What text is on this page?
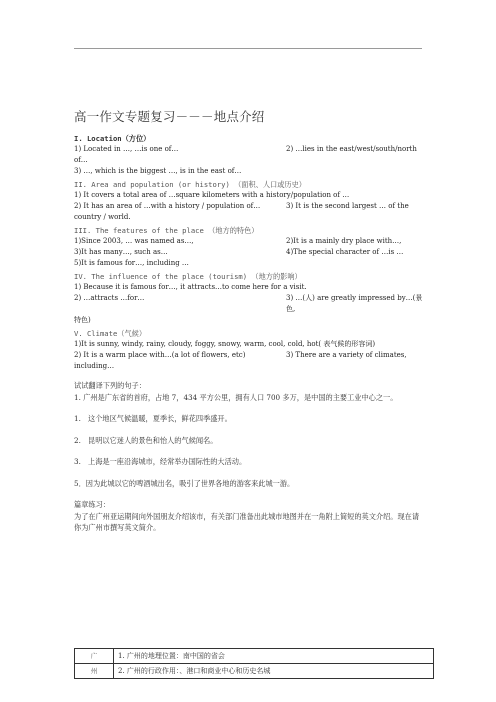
高一作文专题复习－－－地点介绍
I. Location（方位）
1) Located in …, …is one of…	2) …lies in the east/west/south/north
of…
3) …, which is the biggest …, is in the east of…
II. Area and population (or history) （面积、人口或历史）
1) It covers a total area of …square kilometers with a history/population of …
2) It has an area of …with a history / population of…	3) It is the second largest … of the
country / world.
III. The features of the place （地方的特色）
1)Since 2003, … was named as…,	2)It is a mainly dry place with…,
3)It has many…, such as…	4)The special character of …is …
5)It is famous for…, including …
IV. The influence of the place (tourism) （地方的影响）
1) Because it is famous for…, it attracts…to come here for a visit.
2) …attracts …for…	3) …(人) are greatly impressed by…(景色,
特色)
V. Climate（气候）
1)It is sunny, windy, rainy, cloudy, foggy, snowy, warm, cool, cold, hot( 表气候的形容词)
2) It is a warm place with…(a lot of flowers, etc)	3) There are a variety of climates,
including…
试试翻译下列的句子：
1. 广州是广东省的首府，占地 7，434 平方公里，拥有人口 700 多万，是中国的主要工业中心之一。
1.　这个地区气候温暖，夏季长，鲜花四季盛开。
2.　昆明以它迷人的景色和怡人的气候闻名。
3.　上海是一座沿海城市，经常举办国际性的大活动。
5．因为此城以它的啤酒城出名，吸引了世界各地的游客来此城一游。
篇章练习：
为了在广州亚运期间向外国朋友介绍该市，有关部门准备出此城市地图并在一角附上简短的英文介绍。现在请你为广州市撰写英文简介。
广	1. 广州的地理位置：南中国的省会
州	2. 广州的行政作用：、港口和商业中心和历史名城
